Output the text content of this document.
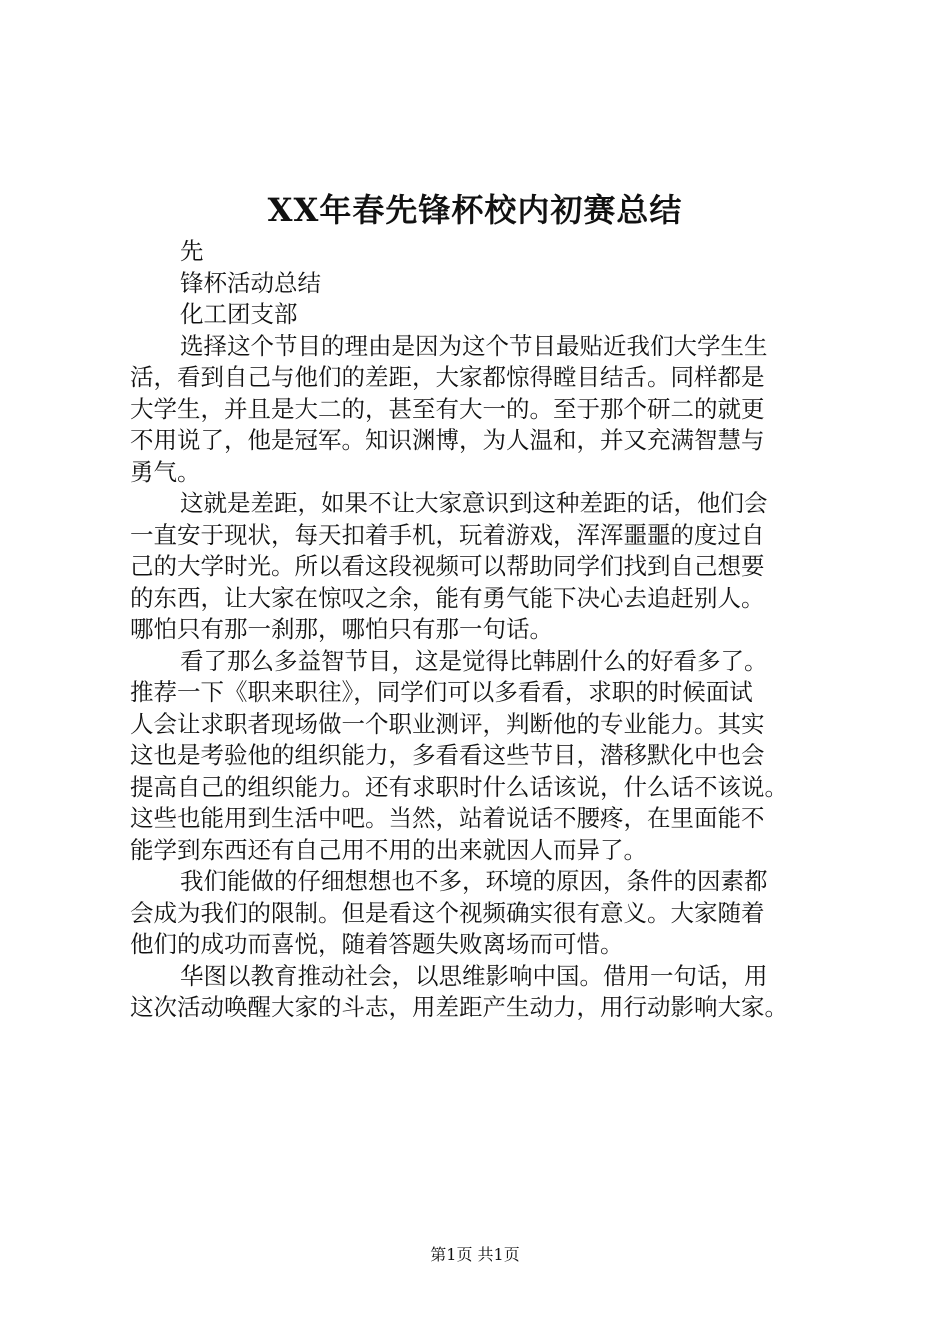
XX年春先锋杯校内初赛总结

先

锋杯活动总结

化工团支部

选择这个节目的理由是因为这个节目最贴近我们大学生生

活，看到自己与他们的差距，大家都惊得瞠目结舌。同样都是

大学生，并且是大二的，甚至有大一的。至于那个研二的就更

不用说了，他是冠军。知识渊博，为人温和，并又充满智慧与

勇气。

这就是差距，如果不让大家意识到这种差距的话，他们会

一直安于现状，每天扣着手机，玩着游戏，浑浑噩噩的度过自

己的大学时光。所以看这段视频可以帮助同学们找到自己想要

的东西，让大家在惊叹之余，能有勇气能下决心去追赶别人。

哪怕只有那一刹那，哪怕只有那一句话。

看了那么多益智节目，这是觉得比韩剧什么的好看多了。

推荐一下《职来职往》，同学们可以多看看，求职的时候面试

人会让求职者现场做一个职业测评，判断他的专业能力。其实

这也是考验他的组织能力，多看看这些节目，潜移默化中也会

提高自己的组织能力。还有求职时什么话该说，什么话不该说。

这些也能用到生活中吧。当然，站着说话不腰疼，在里面能不

能学到东西还有自己用不用的出来就因人而异了。

我们能做的仔细想想也不多，环境的原因，条件的因素都

会成为我们的限制。但是看这个视频确实很有意义。大家随着

他们的成功而喜悦，随着答题失败离场而可惜。

华图以教育推动社会，以思维影响中国。借用一句话，用

这次活动唤醒大家的斗志，用差距产生动力，用行动影响大家。

第1页 共1页
